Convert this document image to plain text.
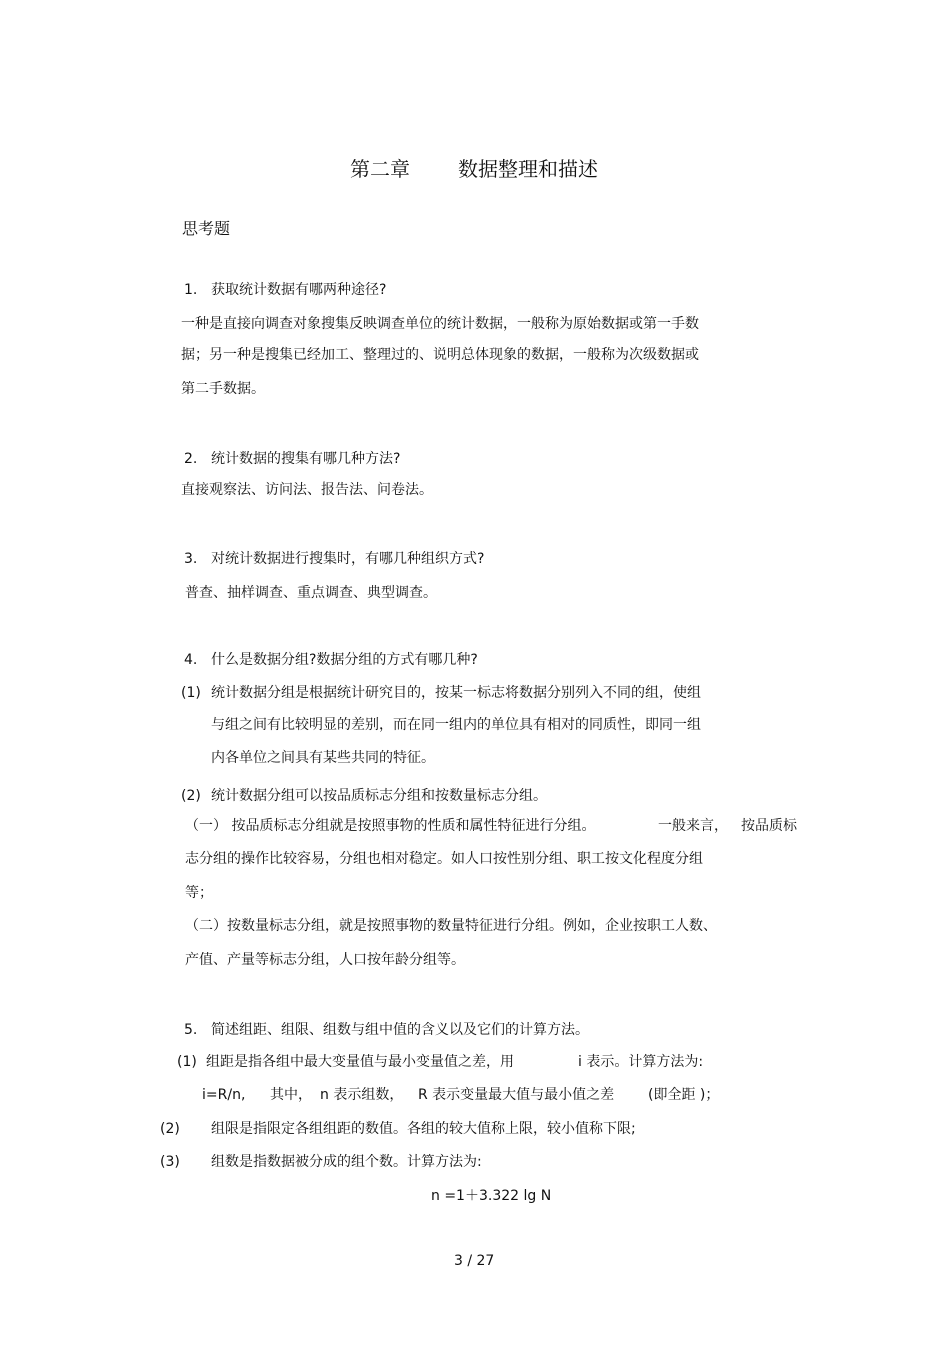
第二章 数据整理和描述
思考题
1. 获取统计数据有哪两种途径?
一种是直接向调查对象搜集反映调查单位的统计数据，一般称为原始数据或第一手数
据；另一种是搜集已经加工、整理过的、说明总体现象的数据，一般称为次级数据或
第二手数据。
2. 统计数据的搜集有哪几种方法?
直接观察法、访问法、报告法、问卷法。
3. 对统计数据进行搜集时，有哪几种组织方式?
普查、抽样调查、重点调查、典型调查。
4. 什么是数据分组?数据分组的方式有哪几种?
(1) 统计数据分组是根据统计研究目的，按某一标志将数据分别列入不同的组，使组
与组之间有比较明显的差别，而在同一组内的单位具有相对的同质性，即同一组
内各单位之间具有某些共同的特征。
(2) 统计数据分组可以按品质标志分组和按数量标志分组。
（一） 按品质标志分组就是按照事物的性质和属性特征进行分组。	一般来言， 按品质标
志分组的操作比较容易，分组也相对稳定。如人口按性别分组、职工按文化程度分组
等；
（二）按数量标志分组，就是按照事物的数量特征进行分组。例如，企业按职工人数、
产值、产量等标志分组，人口按年龄分组等。
5. 简述组距、组限、组数与组中值的含义以及它们的计算方法。
(1) 组距是指各组中最大变量值与最小变量值之差，用	i 表示。计算方法为:
i=R/n, 其中， n 表示组数， R 表示变量最大值与最小值之差 (即全距 )；
(2) 组限是指限定各组组距的数值。各组的较大值称上限，较小值称下限;
(3) 组数是指数据被分成的组个数。计算方法为:
n =1＋3.322 lg N
3 / 27
